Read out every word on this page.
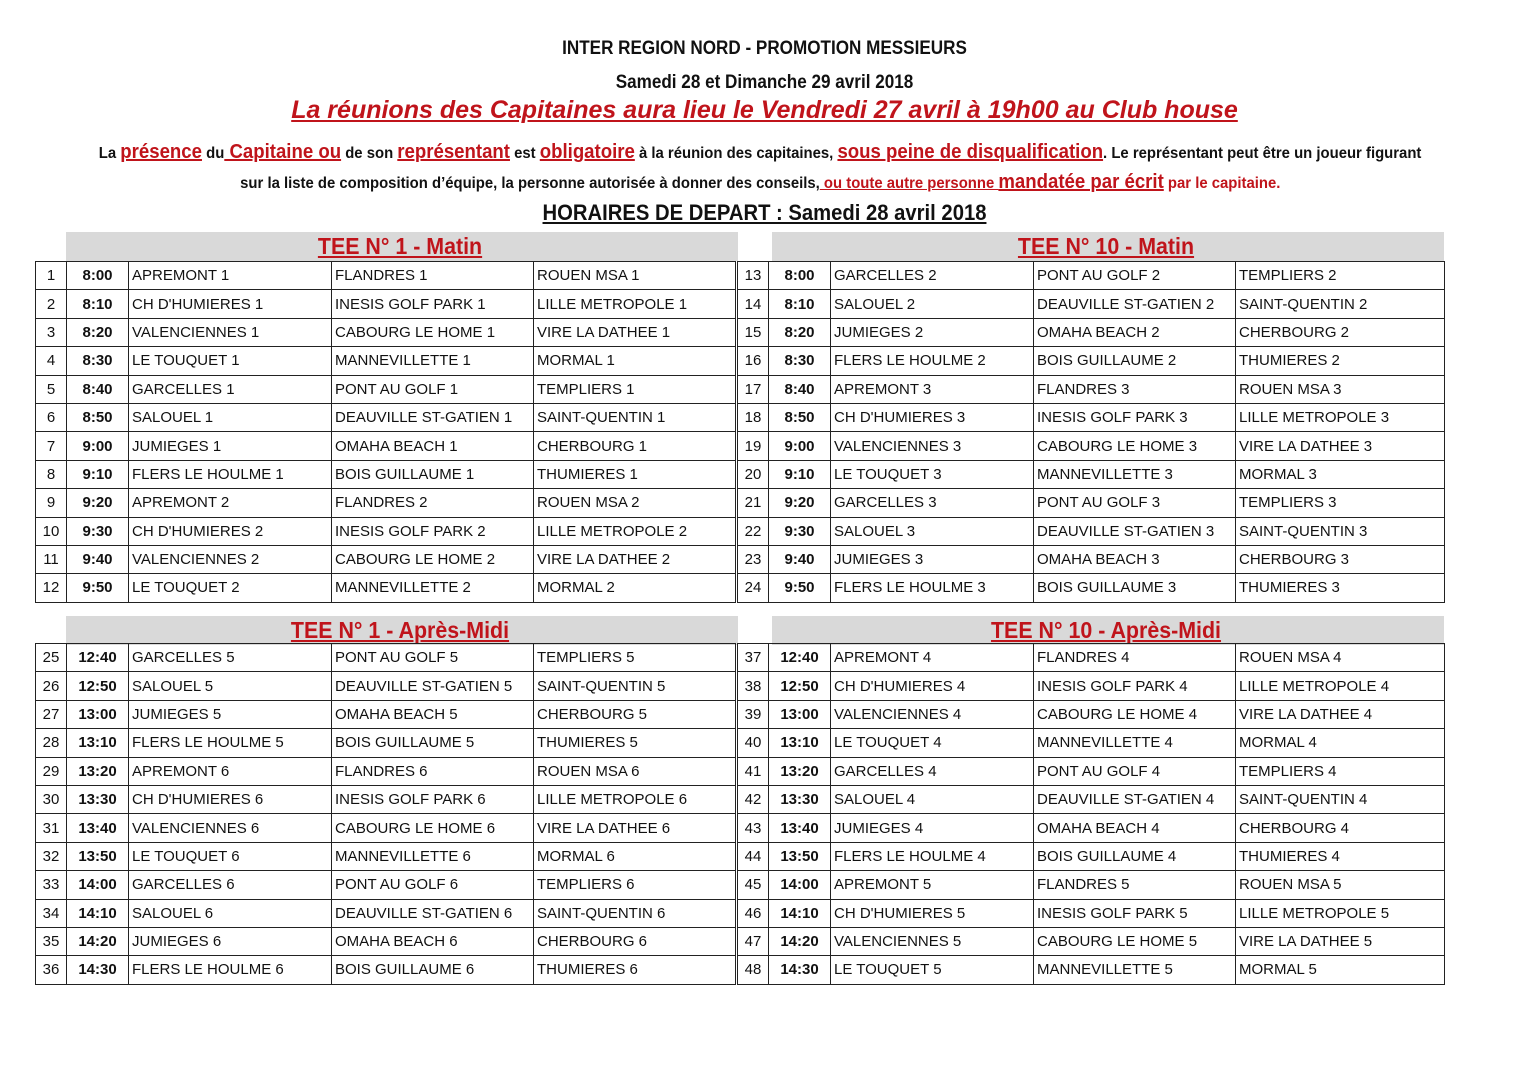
INTER REGION NORD - PROMOTION MESSIEURS
Samedi 28 et Dimanche 29 avril 2018
La réunions des Capitaines aura lieu le Vendredi 27 avril à 19h00 au Club house
La présence du Capitaine ou de son représentant est obligatoire à la réunion des capitaines, sous peine de disqualification. Le représentant peut être un joueur figurant
sur la liste de composition d’équipe, la personne autorisée à donner des conseils, ou toute autre personne mandatée par écrit par le capitaine.
HORAIRES DE DEPART : Samedi 28 avril 2018
TEE N° 1 - Matin	TEE N° 10 - Matin
1	8:00	APREMONT 1	FLANDRES 1	ROUEN MSA 1		13	8:00	GARCELLES 2	PONT AU GOLF 2	TEMPLIERS 2
2	8:10	CH D'HUMIERES 1	INESIS GOLF PARK 1	LILLE METROPOLE 1		14	8:10	SALOUEL 2	DEAUVILLE ST-GATIEN 2	SAINT-QUENTIN 2
3	8:20	VALENCIENNES 1	CABOURG LE HOME 1	VIRE LA DATHEE 1		15	8:20	JUMIEGES 2	OMAHA BEACH 2	CHERBOURG 2
4	8:30	LE TOUQUET 1	MANNEVILLETTE 1	MORMAL 1		16	8:30	FLERS LE HOULME 2	BOIS GUILLAUME 2	THUMIERES 2
5	8:40	GARCELLES 1	PONT AU GOLF 1	TEMPLIERS 1		17	8:40	APREMONT 3	FLANDRES 3	ROUEN MSA 3
6	8:50	SALOUEL 1	DEAUVILLE ST-GATIEN 1	SAINT-QUENTIN 1		18	8:50	CH D'HUMIERES 3	INESIS GOLF PARK 3	LILLE METROPOLE 3
7	9:00	JUMIEGES 1	OMAHA BEACH 1	CHERBOURG 1		19	9:00	VALENCIENNES 3	CABOURG LE HOME 3	VIRE LA DATHEE 3
8	9:10	FLERS LE HOULME 1	BOIS GUILLAUME 1	THUMIERES 1		20	9:10	LE TOUQUET 3	MANNEVILLETTE 3	MORMAL 3
9	9:20	APREMONT 2	FLANDRES 2	ROUEN MSA 2		21	9:20	GARCELLES 3	PONT AU GOLF 3	TEMPLIERS 3
10	9:30	CH D'HUMIERES 2	INESIS GOLF PARK 2	LILLE METROPOLE 2		22	9:30	SALOUEL 3	DEAUVILLE ST-GATIEN 3	SAINT-QUENTIN 3
11	9:40	VALENCIENNES 2	CABOURG LE HOME 2	VIRE LA DATHEE 2		23	9:40	JUMIEGES 3	OMAHA BEACH 3	CHERBOURG 3
12	9:50	LE TOUQUET 2	MANNEVILLETTE 2	MORMAL 2		24	9:50	FLERS LE HOULME 3	BOIS GUILLAUME 3	THUMIERES 3
TEE N° 1 - Après-Midi	TEE N° 10 - Après-Midi
25	12:40	GARCELLES 5	PONT AU GOLF 5	TEMPLIERS 5		37	12:40	APREMONT 4	FLANDRES 4	ROUEN MSA 4
26	12:50	SALOUEL 5	DEAUVILLE ST-GATIEN 5	SAINT-QUENTIN 5		38	12:50	CH D'HUMIERES 4	INESIS GOLF PARK 4	LILLE METROPOLE 4
27	13:00	JUMIEGES 5	OMAHA BEACH 5	CHERBOURG 5		39	13:00	VALENCIENNES 4	CABOURG LE HOME 4	VIRE LA DATHEE 4
28	13:10	FLERS LE HOULME 5	BOIS GUILLAUME 5	THUMIERES 5		40	13:10	LE TOUQUET 4	MANNEVILLETTE 4	MORMAL 4
29	13:20	APREMONT 6	FLANDRES 6	ROUEN MSA 6		41	13:20	GARCELLES 4	PONT AU GOLF 4	TEMPLIERS 4
30	13:30	CH D'HUMIERES 6	INESIS GOLF PARK 6	LILLE METROPOLE 6		42	13:30	SALOUEL 4	DEAUVILLE ST-GATIEN 4	SAINT-QUENTIN 4
31	13:40	VALENCIENNES 6	CABOURG LE HOME 6	VIRE LA DATHEE 6		43	13:40	JUMIEGES 4	OMAHA BEACH 4	CHERBOURG 4
32	13:50	LE TOUQUET 6	MANNEVILLETTE 6	MORMAL 6		44	13:50	FLERS LE HOULME 4	BOIS GUILLAUME 4	THUMIERES 4
33	14:00	GARCELLES 6	PONT AU GOLF 6	TEMPLIERS 6		45	14:00	APREMONT 5	FLANDRES 5	ROUEN MSA 5
34	14:10	SALOUEL 6	DEAUVILLE ST-GATIEN 6	SAINT-QUENTIN 6		46	14:10	CH D'HUMIERES 5	INESIS GOLF PARK 5	LILLE METROPOLE 5
35	14:20	JUMIEGES 6	OMAHA BEACH 6	CHERBOURG 6		47	14:20	VALENCIENNES 5	CABOURG LE HOME 5	VIRE LA DATHEE 5
36	14:30	FLERS LE HOULME 6	BOIS GUILLAUME 6	THUMIERES 6		48	14:30	LE TOUQUET 5	MANNEVILLETTE 5	MORMAL 5
